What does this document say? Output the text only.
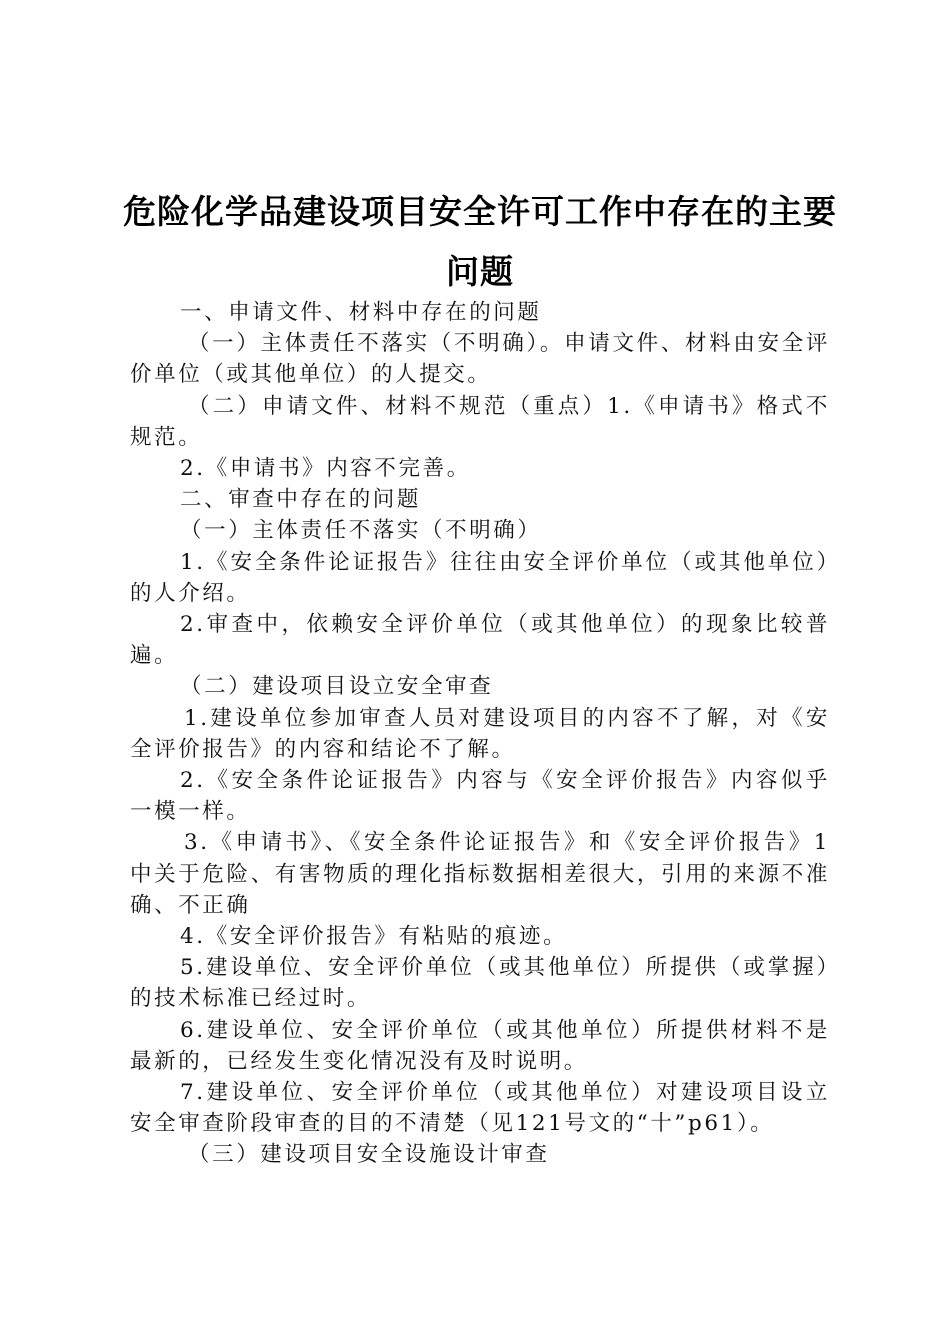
危险化学品建设项目安全许可工作中存在的主要问题

一、申请文件、材料中存在的问题

（一）主体责任不落实（不明确）。申请文件、材料由安全评价单位（或其他单位）的人提交。

（二）申请文件、材料不规范（重点）1.《申请书》格式不规范。

2.《申请书》内容不完善。

二、审查中存在的问题

（一）主体责任不落实（不明确）

1.《安全条件论证报告》往往由安全评价单位（或其他单位）的人介绍。

2.审查中，依赖安全评价单位（或其他单位）的现象比较普遍。

（二）建设项目设立安全审查

1.建设单位参加审查人员对建设项目的内容不了解，对《安全评价报告》的内容和结论不了解。

2.《安全条件论证报告》内容与《安全评价报告》内容似乎一模一样。

3.《申请书》、《安全条件论证报告》和《安全评价报告》1中关于危险、有害物质的理化指标数据相差很大，引用的来源不准确、不正确

4.《安全评价报告》有粘贴的痕迹。

5.建设单位、安全评价单位（或其他单位）所提供（或掌握）的技术标准已经过时。

6.建设单位、安全评价单位（或其他单位）所提供材料不是最新的，已经发生变化情况没有及时说明。

7.建设单位、安全评价单位（或其他单位）对建设项目设立安全审查阶段审查的目的不清楚（见121号文的“十”p61）。

（三）建设项目安全设施设计审查
